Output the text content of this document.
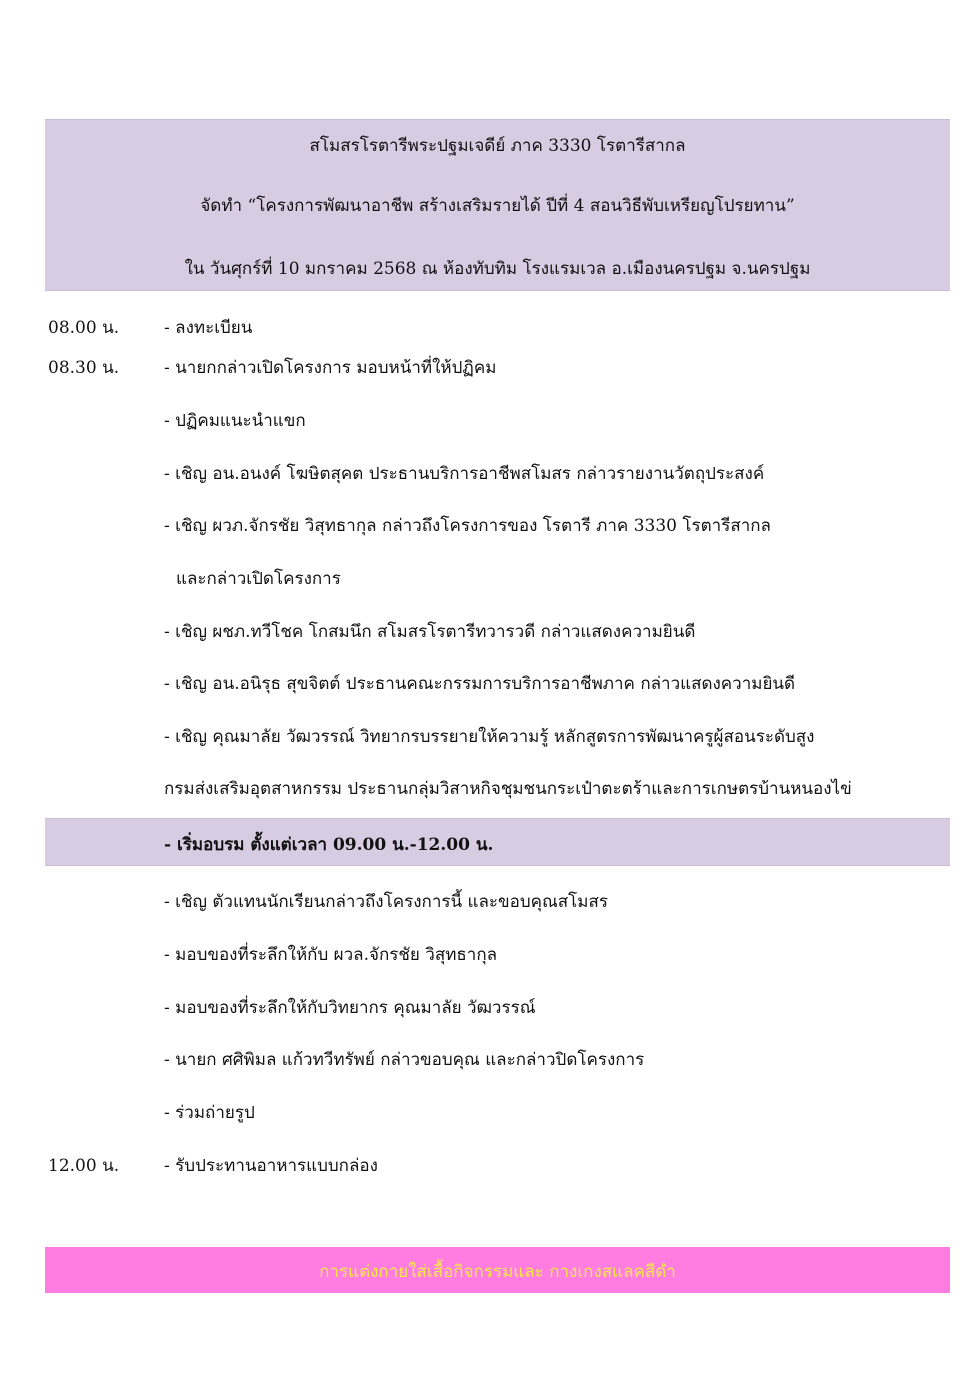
สโมสรโรตารีพระปฐมเจดีย์ ภาค 3330 โรตารีสากล
จัดทำ “โครงการพัฒนาอาชีพ สร้างเสริมรายได้ ปีที่ 4 สอนวิธีพับเหรียญโปรยทาน”
ใน วันศุกร์ที่ 10 มกราคม 2568 ณ ห้องทับทิม โรงแรมเวล อ.เมืองนครปฐม จ.นครปฐม
08.00 น.	- ลงทะเบียน
08.30 น.	- นายกกล่าวเปิดโครงการ มอบหน้าที่ให้ปฏิคม
- ปฏิคมแนะนำแขก
- เชิญ อน.อนงค์ โฆษิตสุคต ประธานบริการอาชีพสโมสร กล่าวรายงานวัตถุประสงค์
- เชิญ ผวภ.จักรชัย วิสุทธากุล กล่าวถึงโครงการของ โรตารี ภาค 3330 โรตารีสากล
และกล่าวเปิดโครงการ
- เชิญ ผชภ.ทวีโชค โกสมนึก สโมสรโรตารีทวารวดี กล่าวแสดงความยินดี
- เชิญ อน.อนิรุธ สุขจิตต์ ประธานคณะกรรมการบริการอาชีพภาค กล่าวแสดงความยินดี
- เชิญ คุณมาลัย วัฒวรรณ์ วิทยากรบรรยายให้ความรู้ หลักสูตรการพัฒนาครูผู้สอนระดับสูง
กรมส่งเสริมอุตสาหกรรม ประธานกลุ่มวิสาหกิจชุมชนกระเป๋าตะตร้าและการเกษตรบ้านหนองไข่
- เริ่มอบรม ตั้งแต่เวลา 09.00 น.-12.00 น.
- เชิญ ตัวแทนนักเรียนกล่าวถึงโครงการนี้ และขอบคุณสโมสร
- มอบของที่ระลึกให้กับ ผวล.จักรชัย วิสุทธากุล
- มอบของที่ระลึกให้กับวิทยากร คุณมาลัย วัฒวรรณ์
- นายก ศศิพิมล แก้วทวีทรัพย์ กล่าวขอบคุณ และกล่าวปิดโครงการ
- ร่วมถ่ายรูป
12.00 น.	- รับประทานอาหารแบบกล่อง
การแต่งกายใส่เสื้อกิจกรรมและ กางเกงสแลคสีดำ
